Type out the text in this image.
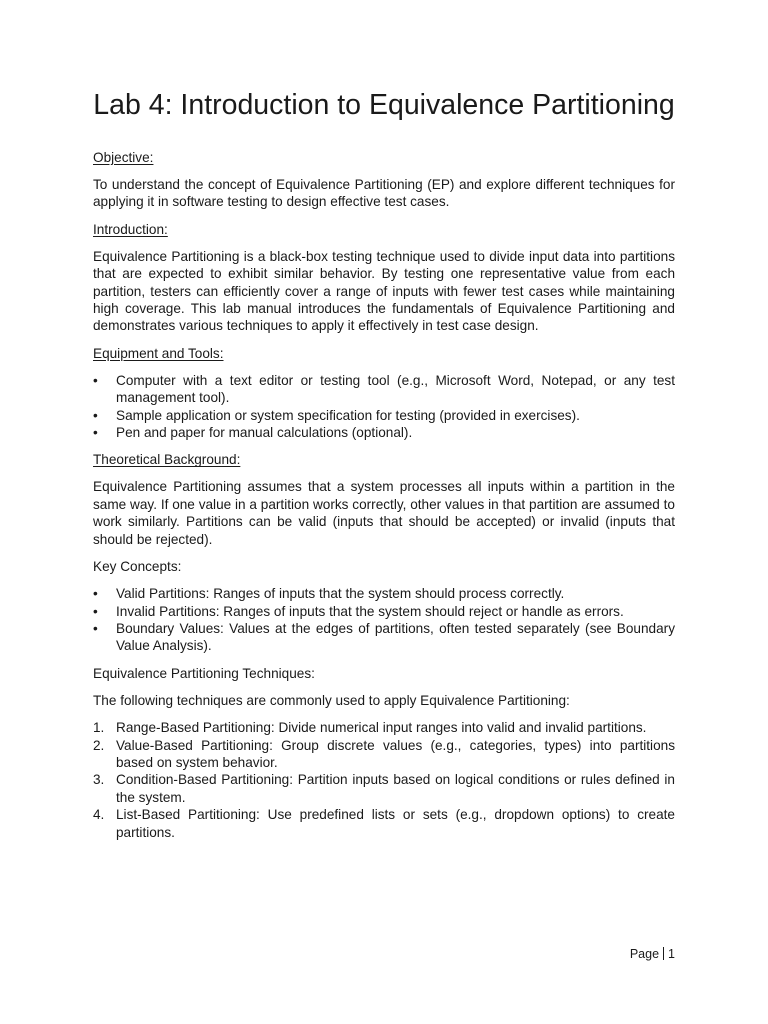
Lab 4: Introduction to Equivalence Partitioning
Objective:

To understand the concept of Equivalence Partitioning (EP) and explore different techniques for applying it in software testing to design effective test cases.

Introduction:

Equivalence Partitioning is a black-box testing technique used to divide input data into partitions that are expected to exhibit similar behavior. By testing one representative value from each partition, testers can efficiently cover a range of inputs with fewer test cases while maintaining high coverage. This lab manual introduces the fundamentals of Equivalence Partitioning and demonstrates various techniques to apply it effectively in test case design.

Equipment and Tools:
•	Computer with a text editor or testing tool (e.g., Microsoft Word, Notepad, or any test management tool).
•	Sample application or system specification for testing (provided in exercises).
•	Pen and paper for manual calculations (optional).
Theoretical Background:

Equivalence Partitioning assumes that a system processes all inputs within a partition in the same way. If one value in a partition works correctly, other values in that partition are assumed to work similarly. Partitions can be valid (inputs that should be accepted) or invalid (inputs that should be rejected).

Key Concepts:
•	Valid Partitions: Ranges of inputs that the system should process correctly.
•	Invalid Partitions: Ranges of inputs that the system should reject or handle as errors.
•	Boundary Values: Values at the edges of partitions, often tested separately (see Boundary Value Analysis).
Equivalence Partitioning Techniques:

The following techniques are commonly used to apply Equivalence Partitioning:

1. Range-Based Partitioning: Divide numerical input ranges into valid and invalid partitions.
2. Value-Based Partitioning: Group discrete values (e.g., categories, types) into partitions based on system behavior.
3. Condition-Based Partitioning: Partition inputs based on logical conditions or rules defined in the system.
4. List-Based Partitioning: Use predefined lists or sets (e.g., dropdown options) to create partitions.
Page 1
